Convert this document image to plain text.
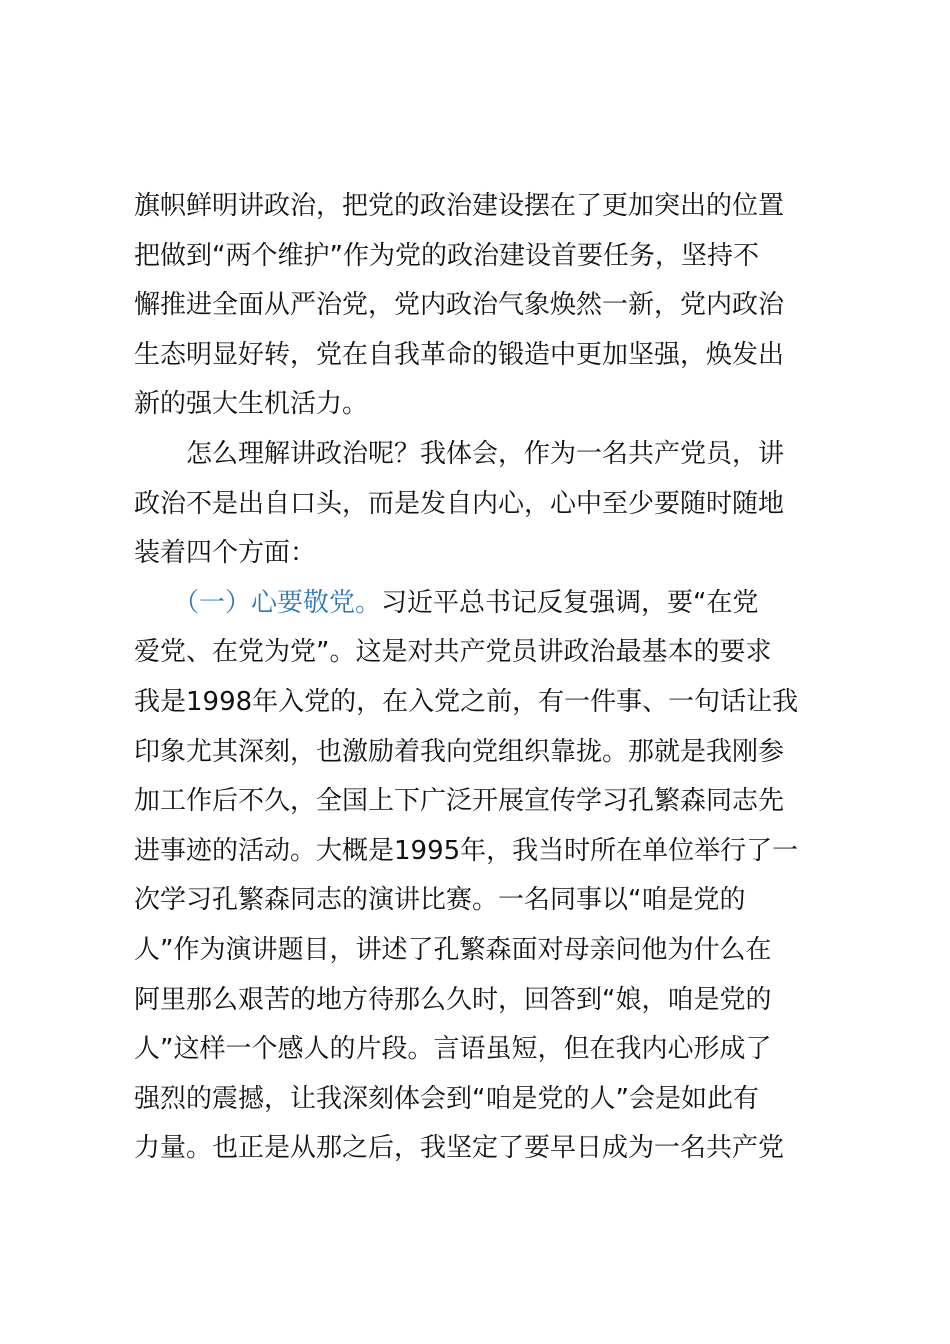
旗帜鲜明讲政治，把党的政治建设摆在了更加突出的位置
把做到“两个维护”作为党的政治建设首要任务，坚持不
懈推进全面从严治党，党内政治气象焕然一新，党内政治
生态明显好转，党在自我革命的锻造中更加坚强，焕发出
新的强大生机活力。
　　怎么理解讲政治呢？我体会，作为一名共产党员，讲
政治不是出自口头，而是发自内心，心中至少要随时随地
装着四个方面：
　　（一）心要敬党。习近平总书记反复强调，要“在党
爱党、在党为党”。这是对共产党员讲政治最基本的要求
我是1998年入党的，在入党之前，有一件事、一句话让我
印象尤其深刻，也激励着我向党组织靠拢。那就是我刚参
加工作后不久，全国上下广泛开展宣传学习孔繁森同志先
进事迹的活动。大概是1995年，我当时所在单位举行了一
次学习孔繁森同志的演讲比赛。一名同事以“咱是党的
人”作为演讲题目，讲述了孔繁森面对母亲问他为什么在
阿里那么艰苦的地方待那么久时，回答到“娘，咱是党的
人”这样一个感人的片段。言语虽短，但在我内心形成了
强烈的震撼，让我深刻体会到“咱是党的人”会是如此有
力量。也正是从那之后，我坚定了要早日成为一名共产党
